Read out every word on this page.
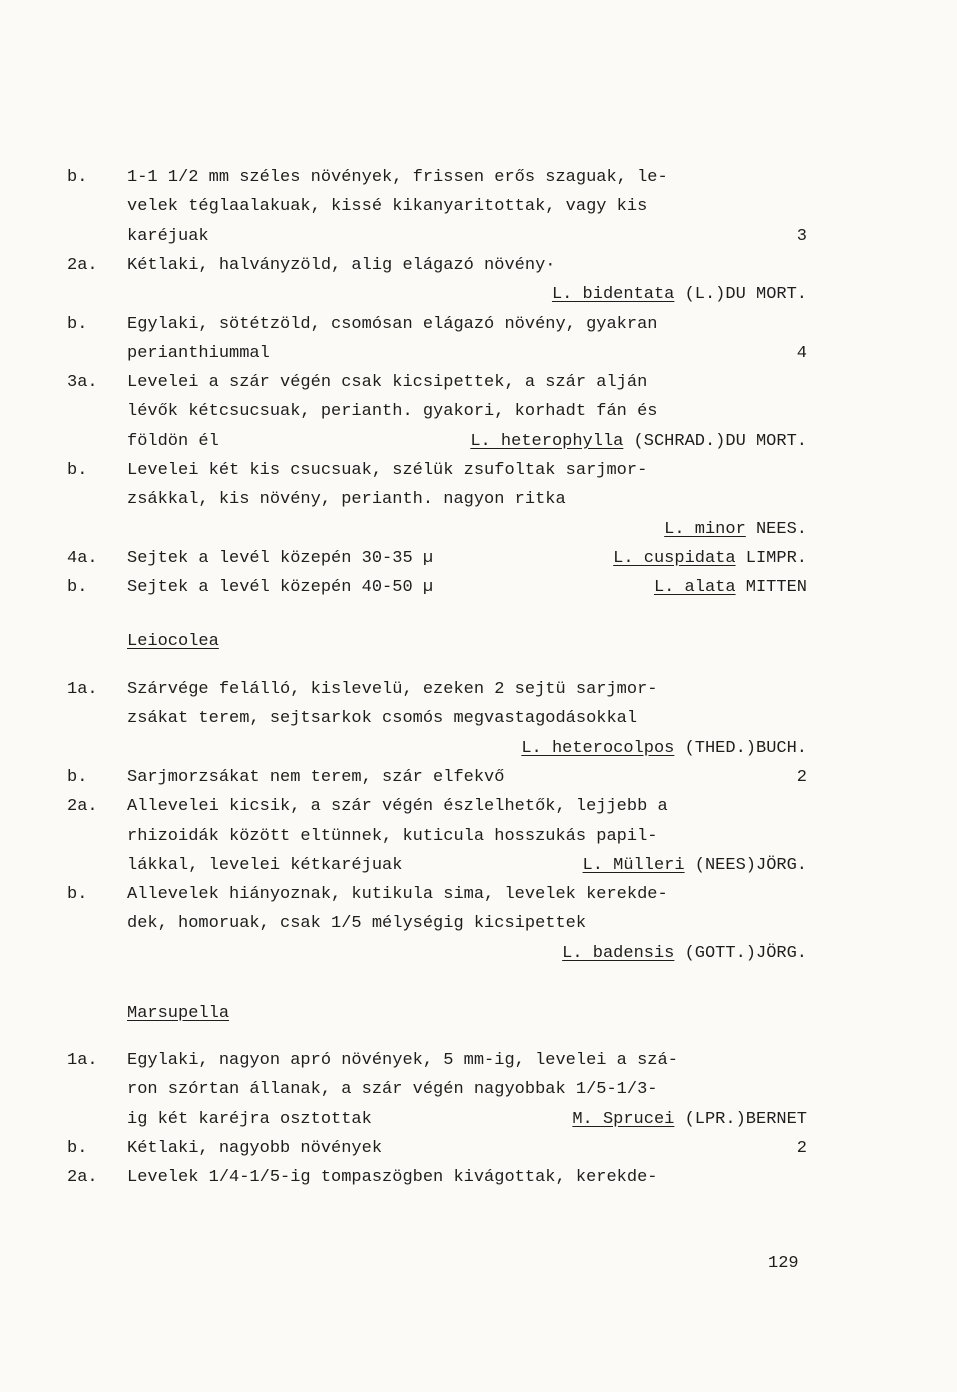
b. 1-1 1/2 mm széles növények, frissen erős szaguak, le-
velek téglaalakuak, kissé kikanyaritottak, vagy kis
karéjuak	3
2a. Kétlaki, halványzöld, alig elágazó növény·
L. bidentata (L.)DU MORT.
b. Egylaki, sötétzöld, csomósan elágazó növény, gyakran
perianthiummal	4
3a. Levelei a szár végén csak kicsipettek, a szár alján
lévők kétcsucsuak, perianth. gyakori, korhadt fán és
földön él	L. heterophylla (SCHRAD.)DU MORT.
b. Levelei két kis csucsuak, szélük zsufoltak sarjmor-
zsákkal, kis növény, perianth. nagyon ritka
L. minor NEES.
4a. Sejtek a levél közepén 30-35 µ	L. cuspidata LIMPR.
b. Sejtek a levél közepén 40-50 µ	L. alata MITTEN
Leiocolea
1a. Szárvége felálló, kislevelü, ezeken 2 sejtü sarjmor-
zsákat terem, sejtsarkok csomós megvastagodásokkal
L. heterocolpos (THED.)BUCH.
b. Sarjmorzsákat nem terem, szár elfekvő	2
2a. Allevelei kicsik, a szár végén észlelhetők, lejjebb a
rhizoidák között eltünnek, kuticula hosszukás papil-
lákkal, levelei kétkaréjuak	L. Mülleri (NEES)JÖRG.
b. Allevelek hiányoznak, kutikula sima, levelek kerekde-
dek, homoruak, csak 1/5 mélységig kicsipettek
L. badensis (GOTT.)JÖRG.
Marsupella
1a. Egylaki, nagyon apró növények, 5 mm-ig, levelei a szá-
ron szórtan állanak, a szár végén nagyobbak 1/5-1/3-
ig két karéjra osztottak	M. Sprucei (LPR.)BERNET
b. Kétlaki, nagyobb növények	2
2a. Levelek 1/4-1/5-ig tompaszögben kivágottak, kerekde-
129
